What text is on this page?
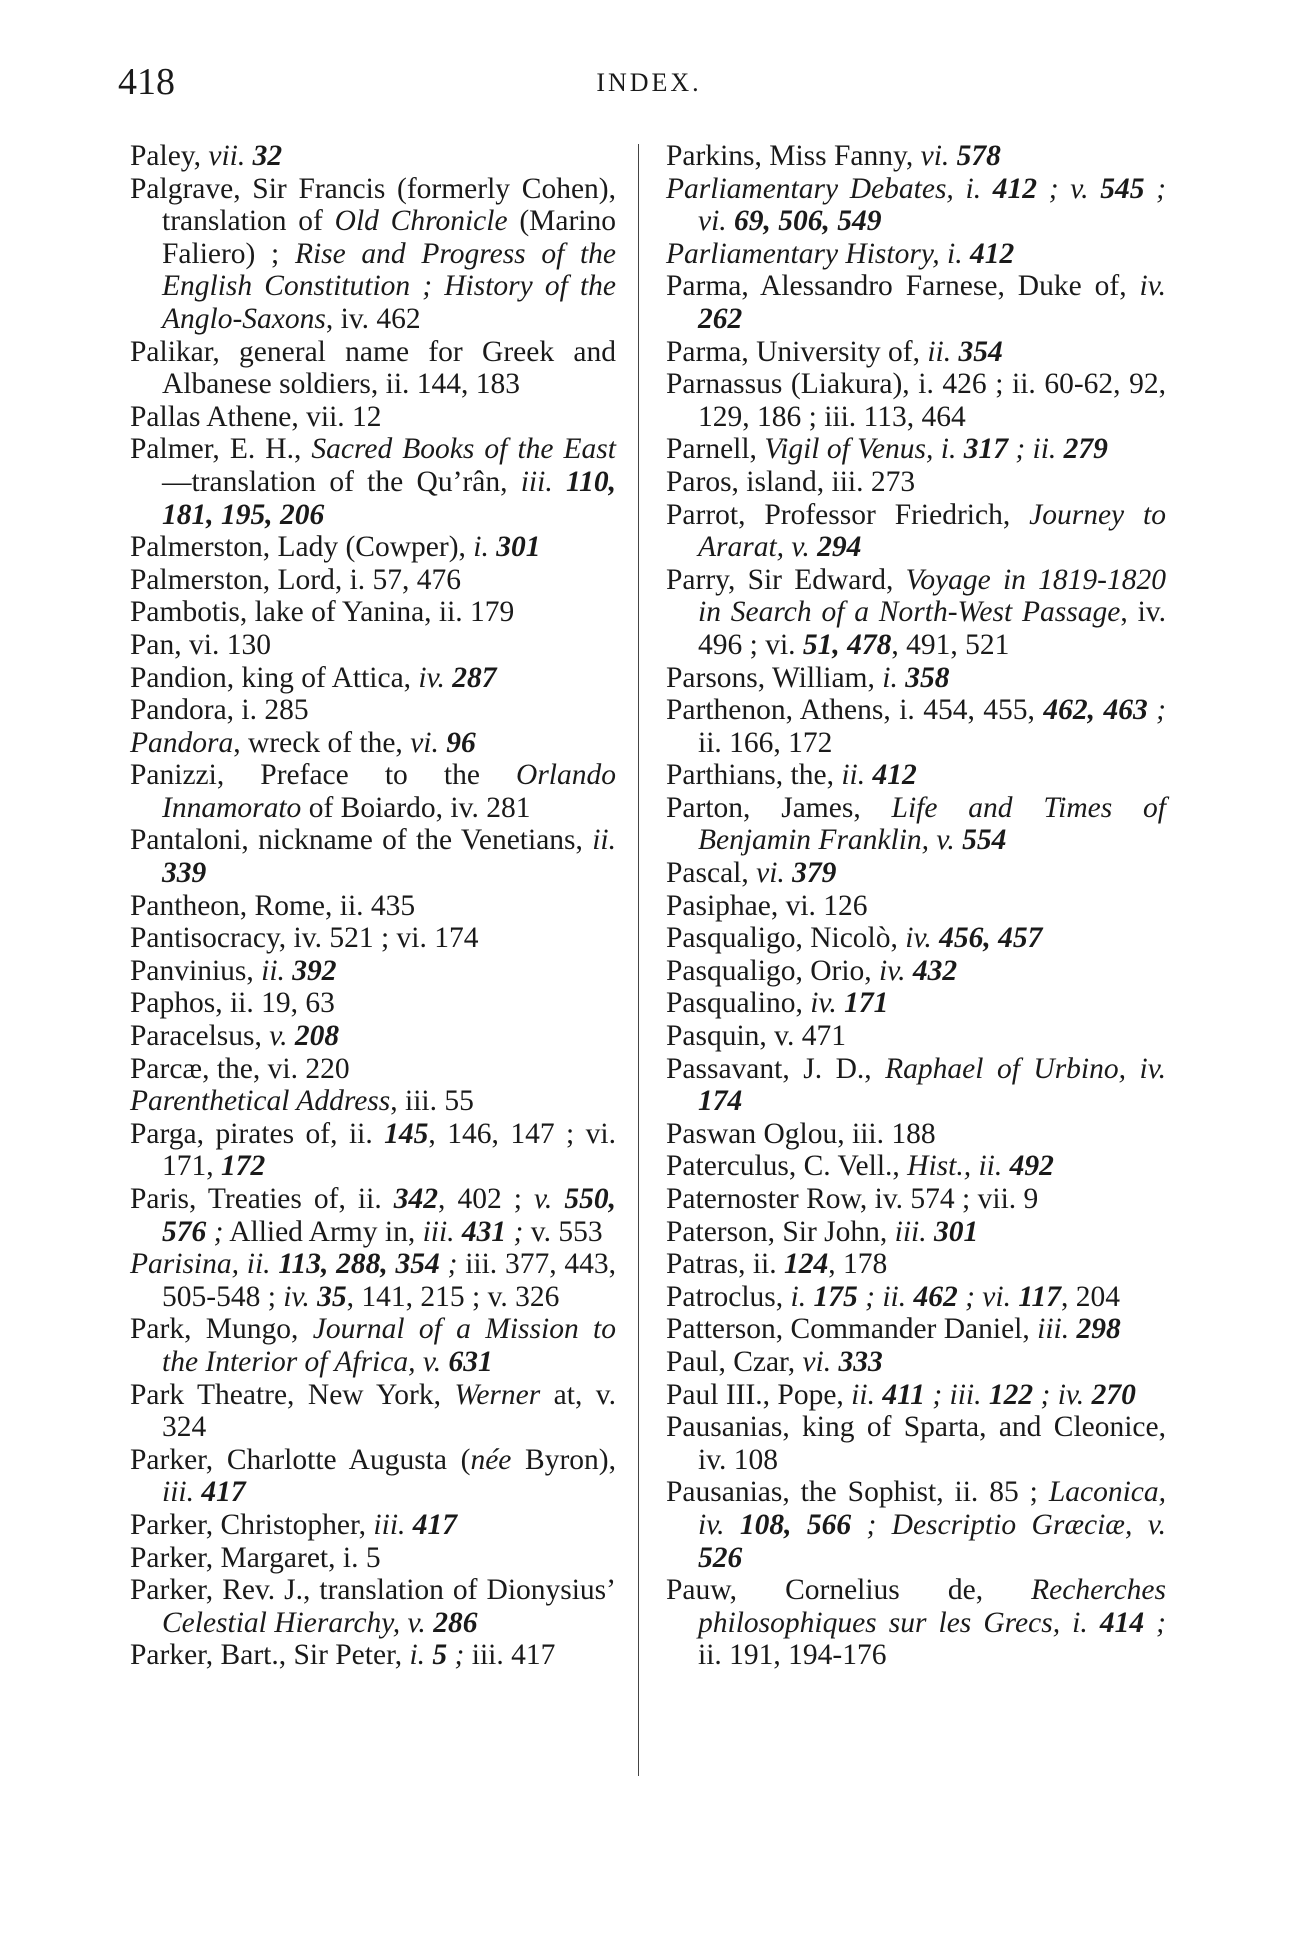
418	INDEX.
Paley, vii. 32
Palgrave, Sir Francis (formerly Cohen), translation of Old Chronicle (Marino Faliero) ; Rise and Progress of the English Constitution ; History of the Anglo-Saxons, iv. 462
Palikar, general name for Greek and Albanese soldiers, ii. 144, 183
Pallas Athene, vii. 12
Palmer, E. H., Sacred Books of the East—translation of the Qu’rân, iii. 110, 181, 195, 206
Palmerston, Lady (Cowper), i. 301
Palmerston, Lord, i. 57, 476
Pambotis, lake of Yanina, ii. 179
Pan, vi. 130
Pandion, king of Attica, iv. 287
Pandora, i. 285
Pandora, wreck of the, vi. 96
Panizzi, Preface to the Orlando Innamorato of Boiardo, iv. 281
Pantaloni, nickname of the Venetians, ii. 339
Pantheon, Rome, ii. 435
Pantisocracy, iv. 521 ; vi. 174
Panvinius, ii. 392
Paphos, ii. 19, 63
Paracelsus, v. 208
Parcæ, the, vi. 220
Parenthetical Address, iii. 55
Parga, pirates of, ii. 145, 146, 147 ; vi. 171, 172
Paris, Treaties of, ii. 342, 402 ; v. 550, 576 ; Allied Army in, iii. 431 ; v. 553
Parisina, ii. 113, 288, 354 ; iii. 377, 443, 505-548 ; iv. 35, 141, 215 ; v. 326
Park, Mungo, Journal of a Mission to the Interior of Africa, v. 631
Park Theatre, New York, Werner at, v. 324
Parker, Charlotte Augusta (née Byron), iii. 417
Parker, Christopher, iii. 417
Parker, Margaret, i. 5
Parker, Rev. J., translation of Dionysius’ Celestial Hierarchy, v. 286
Parker, Bart., Sir Peter, i. 5 ; iii. 417
Parkins, Miss Fanny, vi. 578
Parliamentary Debates, i. 412 ; v. 545 ; vi. 69, 506, 549
Parliamentary History, i. 412
Parma, Alessandro Farnese, Duke of, iv. 262
Parma, University of, ii. 354
Parnassus (Liakura), i. 426 ; ii. 60-62, 92, 129, 186 ; iii. 113, 464
Parnell, Vigil of Venus, i. 317 ; ii. 279
Paros, island, iii. 273
Parrot, Professor Friedrich, Journey to Ararat, v. 294
Parry, Sir Edward, Voyage in 1819-1820 in Search of a North-West Passage, iv. 496 ; vi. 51, 478, 491, 521
Parsons, William, i. 358
Parthenon, Athens, i. 454, 455, 462, 463 ; ii. 166, 172
Parthians, the, ii. 412
Parton, James, Life and Times of Benjamin Franklin, v. 554
Pascal, vi. 379
Pasiphae, vi. 126
Pasqualigo, Nicolò, iv. 456, 457
Pasqualigo, Orio, iv. 432
Pasqualino, iv. 171
Pasquin, v. 471
Passavant, J. D., Raphael of Urbino, iv. 174
Paswan Oglou, iii. 188
Paterculus, C. Vell., Hist., ii. 492
Paternoster Row, iv. 574 ; vii. 9
Paterson, Sir John, iii. 301
Patras, ii. 124, 178
Patroclus, i. 175 ; ii. 462 ; vi. 117, 204
Patterson, Commander Daniel, iii. 298
Paul, Czar, vi. 333
Paul III., Pope, ii. 411 ; iii. 122 ; iv. 270
Pausanias, king of Sparta, and Cleonice, iv. 108
Pausanias, the Sophist, ii. 85 ; Laconica, iv. 108, 566 ; Descriptio Græciæ, v. 526
Pauw, Cornelius de, Recherches philosophiques sur les Grecs, i. 414 ; ii. 191, 194-176
